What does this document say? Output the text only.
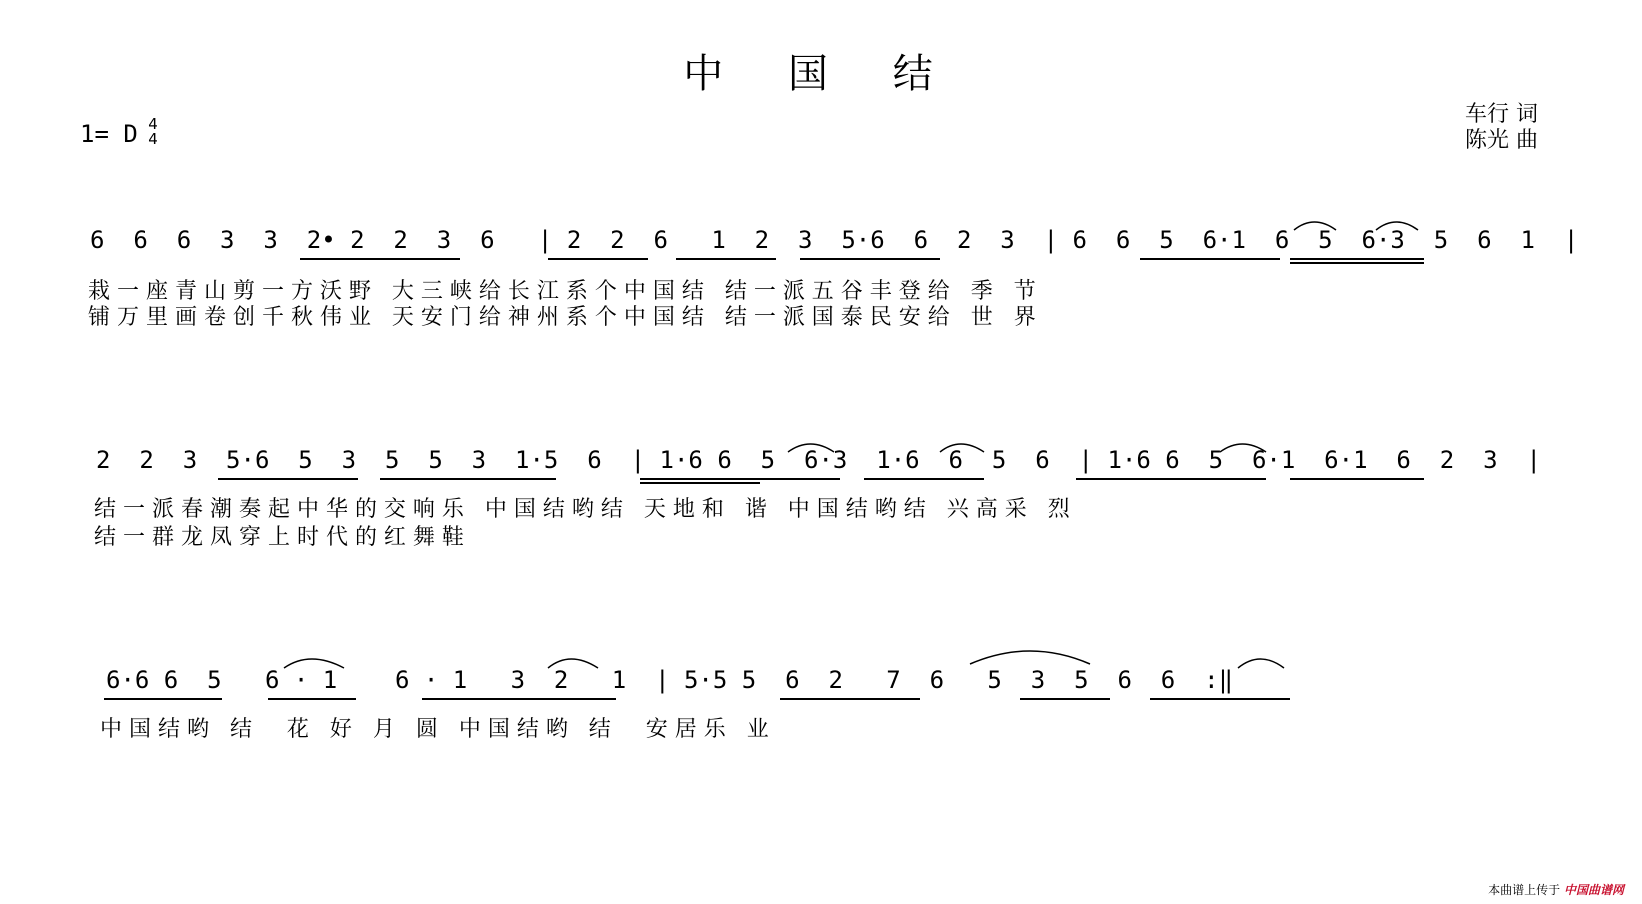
中 国 结
1= D 4
4
车行 词
陈光 曲
6  6  6  3  3  2• 2  2  3  6   | 2  2  6   1  2  3  5·6  6  2  3  | 6  6  5  6·1  6  5  6·3  5  6  1  |
栽 一 座 青 山 剪 一 方 沃 野   大 三 峡 给 长 江 系 个 中 国 结   结 一 派 五 谷 丰 登 给   季   节
铺 万 里 画 卷 创 千 秋 伟 业   天 安 门 给 神 州 系 个 中 国 结   结 一 派 国 泰 民 安 给   世   界
2  2  3  5·6  5  3  5  5  3  1·5  6  | 1·6 6  5  6·3  1·6  6  5  6  | 1·6 6  5  6·1  6·1  6  2  3  |
结 一 派 春 潮 奏 起 中 华 的 交 响 乐   中 国 结 哟 结   天 地 和   谐   中 国 结 哟 结   兴 高 采   烈
结 一 群 龙 凤 穿 上 时 代 的 红 舞 鞋
6·6 6  5   6 · 1    6 · 1   3  2   1  | 5·5 5  6  2   7  6   5  3  5  6  6  :‖
中 国 结 哟   结     花   好   月   圆   中 国 结 哟   结     安 居 乐   业
本曲谱上传于 中国曲谱网
